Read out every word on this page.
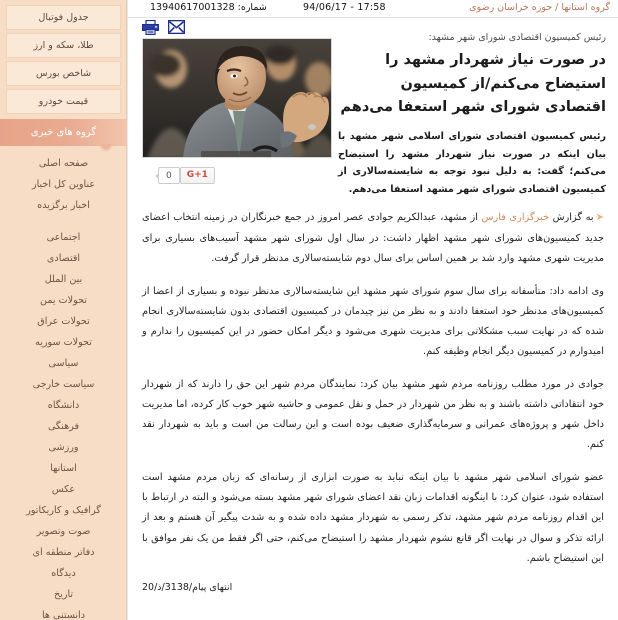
گروه استانها / حوزه خراسان رضوی
94/06/17 - 17:58
شماره: 13940617001328
G+1
0

رئیس کمیسیون اقتصادی شورای شهر مشهد:

در صورت نیاز شهردار مشهد را استیضاح می‌کنم/از کمیسیون اقتصادی شورای شهر استعفا می‌دهم
رئیس کمیسیون اقتصادی شورای اسلامی شهر مشهد با بیان اینکه در صورت نیاز شهردار مشهد را استیضاح می‌کنم؛ گفت: به دلیل نبود توجه به شایسته‌سالاری از کمیسیون اقتصادی شورای شهر مشهد استعفا می‌دهم.

➤به گزارش خبرگزاری فارس از مشهد، عبدالکریم جوادی عصر امروز در جمع خبرنگاران در زمینه انتخاب اعضای جدید کمیسیون‌های شورای شهر مشهد اظهار داشت: در سال اول شورای شهر مشهد آسیب‌های بسیاری برای مدیریت شهری مشهد وارد شد بر همین اساس برای سال دوم شایسته‌سالاری مدنظر قرار گرفت.

وی ادامه داد: متأسفانه برای سال سوم شورای شهر مشهد این شایسته‌سالاری مدنظر نبوده و بسیاری از اعضا از کمیسیون‌های مدنظر خود استعفا دادند و به نظر من نیز چیدمان در کمیسیون اقتصادی بدون شایسته‌سالاری انجام شده که در نهایت سبب مشکلاتی برای مدیریت شهری می‌شود و دیگر امکان حضور در این کمیسیون را ندارم و امیدوارم در کمیسیون دیگر انجام وظیفه کنم.

جوادی در مورد مطلب روزنامه مردم شهر مشهد بیان کرد: نمایندگان مردم شهر این حق را دارند که از شهردار خود انتقاداتی داشته باشند و به نظر من شهردار در حمل و نقل عمومی و حاشیه شهر خوب کار کرده، اما مدیریت داخل شهر و پروژه‌های عمرانی و سرمایه‌گذاری ضعیف بوده است و این رسالت من است و باید به شهردار نقد کنم.

عضو شورای اسلامی شهر مشهد با بیان اینکه نباید به صورت ابزاری از رسانه‌ای که زبان مردم مشهد است استفاده شود، عنوان کرد: با اینگونه اقدامات زبان نقد اعضای شورای شهر مشهد بسته می‌شود و البته در ارتباط با این اقدام روزنامه مردم شهر مشهد، تذکر رسمی به شهردار مشهد داده شده و به شدت پیگیر آن هستم و بعد از ارائه تذکر و سوال در نهایت اگر قانع نشوم شهردار مشهد را استیضاح می‌کنم، حتی اگر فقط من یک نفر موافق با این استیضاح باشم.

انتهای پیام/3138/ذ/20
جدول فوتبال
طلا، سکه و ارز
شاخص بورس
قیمت خودرو
گروه های خبری
صفحه اصلی
عناوین کل اخبار
اخبار برگزیده
اجتماعی
اقتصادی
بین الملل
تحولات یمن
تحولات عراق
تحولات سوریه
سیاسی
سیاست خارجی
دانشگاه
فرهنگی
ورزشی
استانها
عکس
گرافیک و کاریکاتور
صوت وتصویر
دفاتر منطقه ای
دیدگاه
تاریخ
دانستنی ها
